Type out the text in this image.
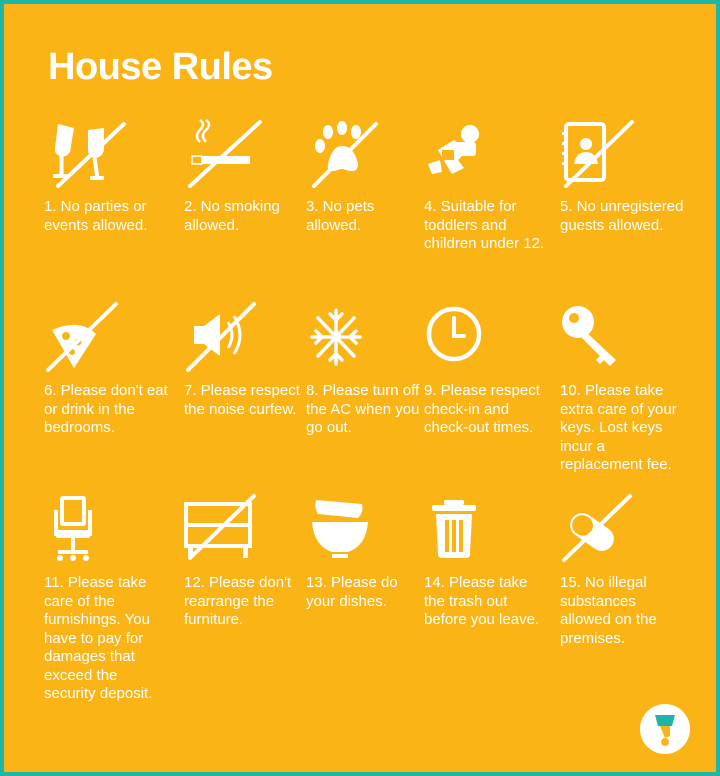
House Rules

1. No parties or events allowed.

2. No smoking allowed.

3. No pets allowed.

4. Suitable for toddlers and children under 12.

5. No unregistered guests allowed.

6. Please don't eat or drink in the bedrooms.

7. Please respect the noise curfew.

8. Please turn off the AC when you go out.

9. Please respect check-in and check-out times.

10. Please take extra care of your keys. Lost keys incur a replacement fee.

11. Please take care of the furnishings. You have to pay for damages that exceed the security deposit.

12. Please don't rearrange the furniture.

13. Please do your dishes.

14. Please take the trash out before you leave.

15. No illegal substances allowed on the premises.
